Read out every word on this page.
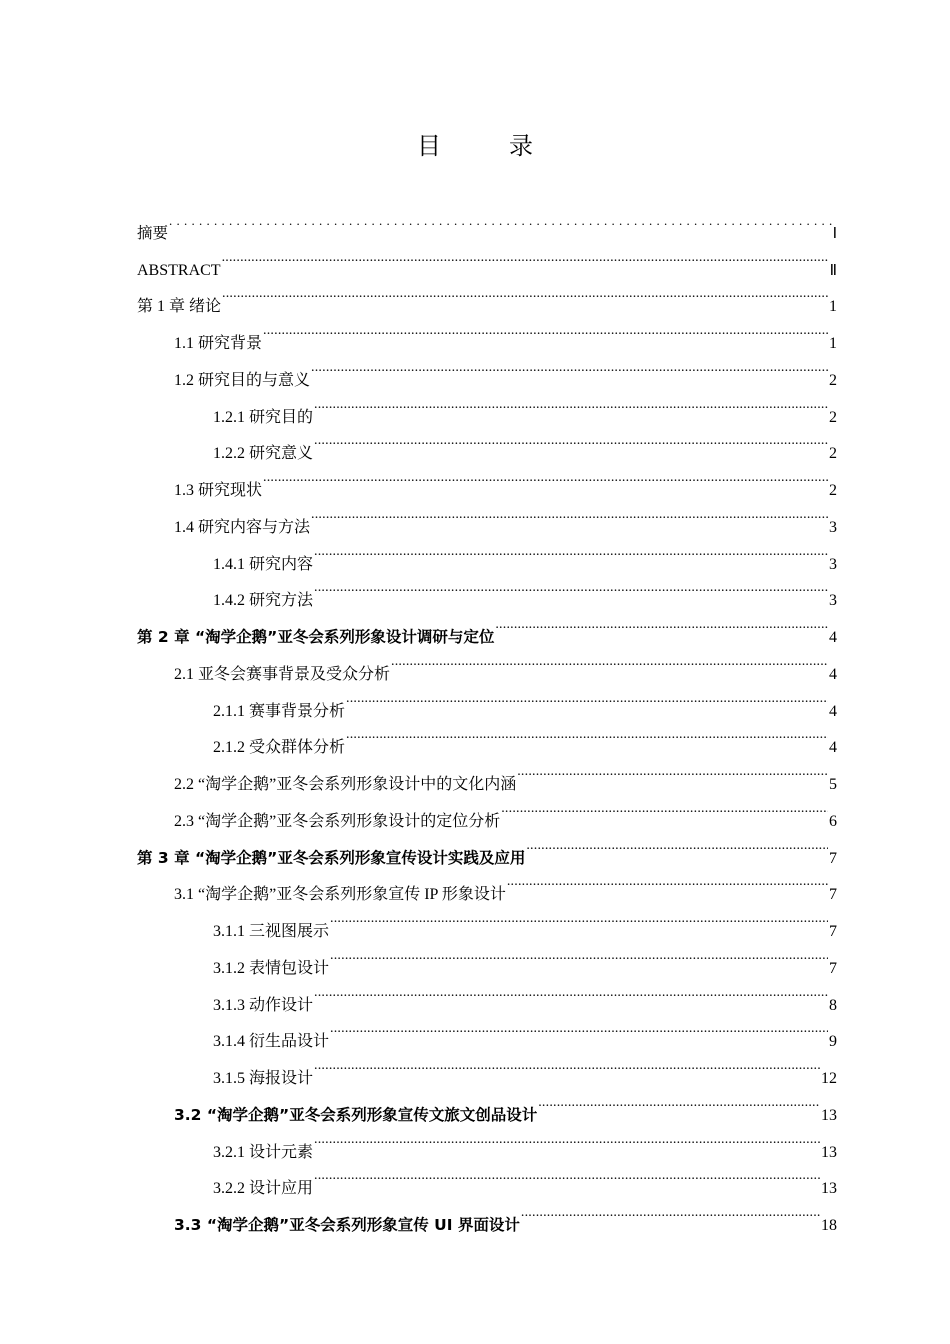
目　录
摘要 . . .	Ⅰ
ABSTRACT .....	Ⅱ
第 1 章 绪论 .....	1
1.1 研究背景 .....	1
1.2 研究目的与意义 .....	2
1.2.1 研究目的 .....	2
1.2.2 研究意义 .....	2
1.3 研究现状 .....	2
1.4 研究内容与方法 .....	3
1.4.1 研究内容 .....	3
1.4.2 研究方法 .....	3
第 2 章 “淘学企鹅”亚冬会系列形象设计调研与定位 .....	4
2.1 亚冬会赛事背景及受众分析 .....	4
2.1.1 赛事背景分析 .....	4
2.1.2 受众群体分析 .....	4
2.2 “淘学企鹅”亚冬会系列形象设计中的文化内涵 .....	5
2.3 “淘学企鹅”亚冬会系列形象设计的定位分析 .....	6
第 3 章 “淘学企鹅”亚冬会系列形象宣传设计实践及应用 .....	7
3.1 “淘学企鹅”亚冬会系列形象宣传 IP 形象设计 .....	7
3.1.1 三视图展示 .....	7
3.1.2 表情包设计 .....	7
3.1.3 动作设计 .....	8
3.1.4 衍生品设计 .....	9
3.1.5 海报设计 .....	12
3.2 “淘学企鹅”亚冬会系列形象宣传文旅文创品设计 .....	13
3.2.1 设计元素 .....	13
3.2.2 设计应用 .....	13
3.3 “淘学企鹅”亚冬会系列形象宣传 UI 界面设计 .....	18
